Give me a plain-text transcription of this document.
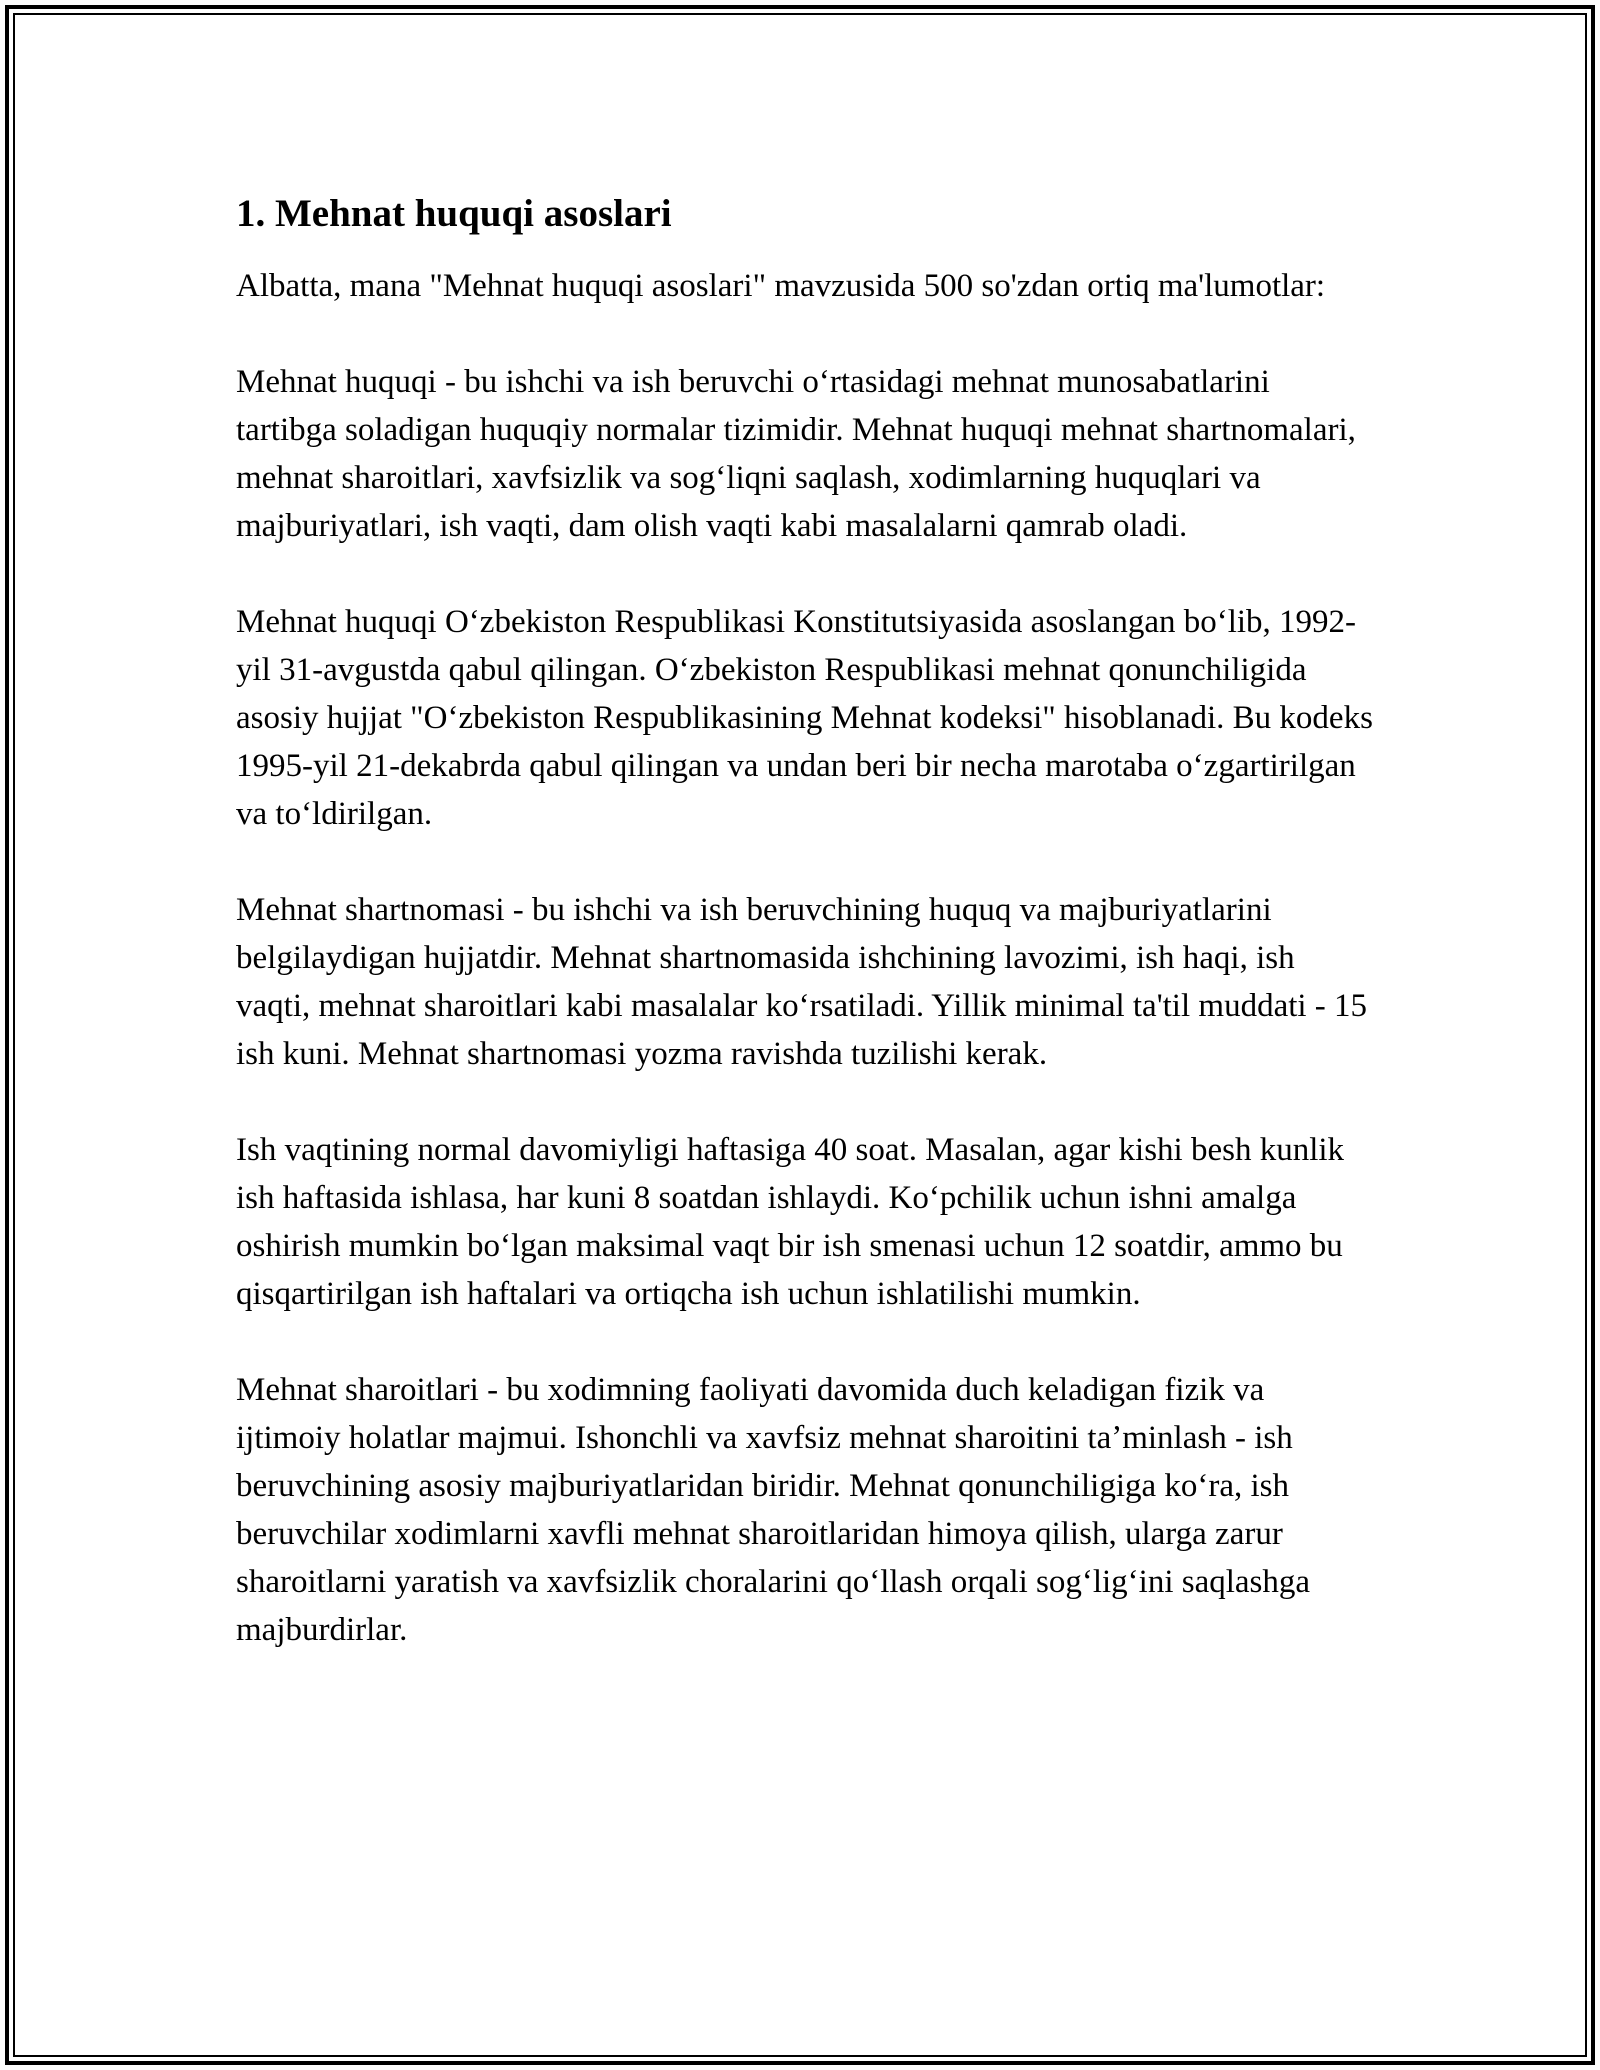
1. Mehnat huquqi asoslari

Albatta, mana "Mehnat huquqi asoslari" mavzusida 500 so'zdan ortiq ma'lumotlar:

Mehnat huquqi - bu ishchi va ish beruvchi oʻrtasidagi mehnat munosabatlarini tartibga soladigan huquqiy normalar tizimidir. Mehnat huquqi mehnat shartnomalari, mehnat sharoitlari, xavfsizlik va sogʻliqni saqlash, xodimlarning huquqlari va majburiyatlari, ish vaqti, dam olish vaqti kabi masalalarni qamrab oladi.

Mehnat huquqi Oʻzbekiston Respublikasi Konstitutsiyasida asoslangan boʻlib, 1992-yil 31-avgustda qabul qilingan. Oʻzbekiston Respublikasi mehnat qonunchiligida asosiy hujjat "Oʻzbekiston Respublikasining Mehnat kodeksi" hisoblanadi. Bu kodeks 1995-yil 21-dekabrda qabul qilingan va undan beri bir necha marotaba oʻzgartirilgan va toʻldirilgan.

Mehnat shartnomasi - bu ishchi va ish beruvchining huquq va majburiyatlarini belgilaydigan hujjatdir. Mehnat shartnomasida ishchining lavozimi, ish haqi, ish vaqti, mehnat sharoitlari kabi masalalar koʻrsatiladi. Yillik minimal ta'til muddati - 15 ish kuni. Mehnat shartnomasi yozma ravishda tuzilishi kerak.

Ish vaqtining normal davomiyligi haftasiga 40 soat. Masalan, agar kishi besh kunlik ish haftasida ishlasa, har kuni 8 soatdan ishlaydi. Koʻpchilik uchun ishni amalga oshirish mumkin boʻlgan maksimal vaqt bir ish smenasi uchun 12 soatdir, ammo bu qisqartirilgan ish haftalari va ortiqcha ish uchun ishlatilishi mumkin.

Mehnat sharoitlari - bu xodimning faoliyati davomida duch keladigan fizik va ijtimoiy holatlar majmui. Ishonchli va xavfsiz mehnat sharoitini taʼminlash - ish beruvchining asosiy majburiyatlaridan biridir. Mehnat qonunchiligiga koʻra, ish beruvchilar xodimlarni xavfli mehnat sharoitlaridan himoya qilish, ularga zarur sharoitlarni yaratish va xavfsizlik choralarini qoʻllash orqali sogʻligʻini saqlashga majburdirlar.
